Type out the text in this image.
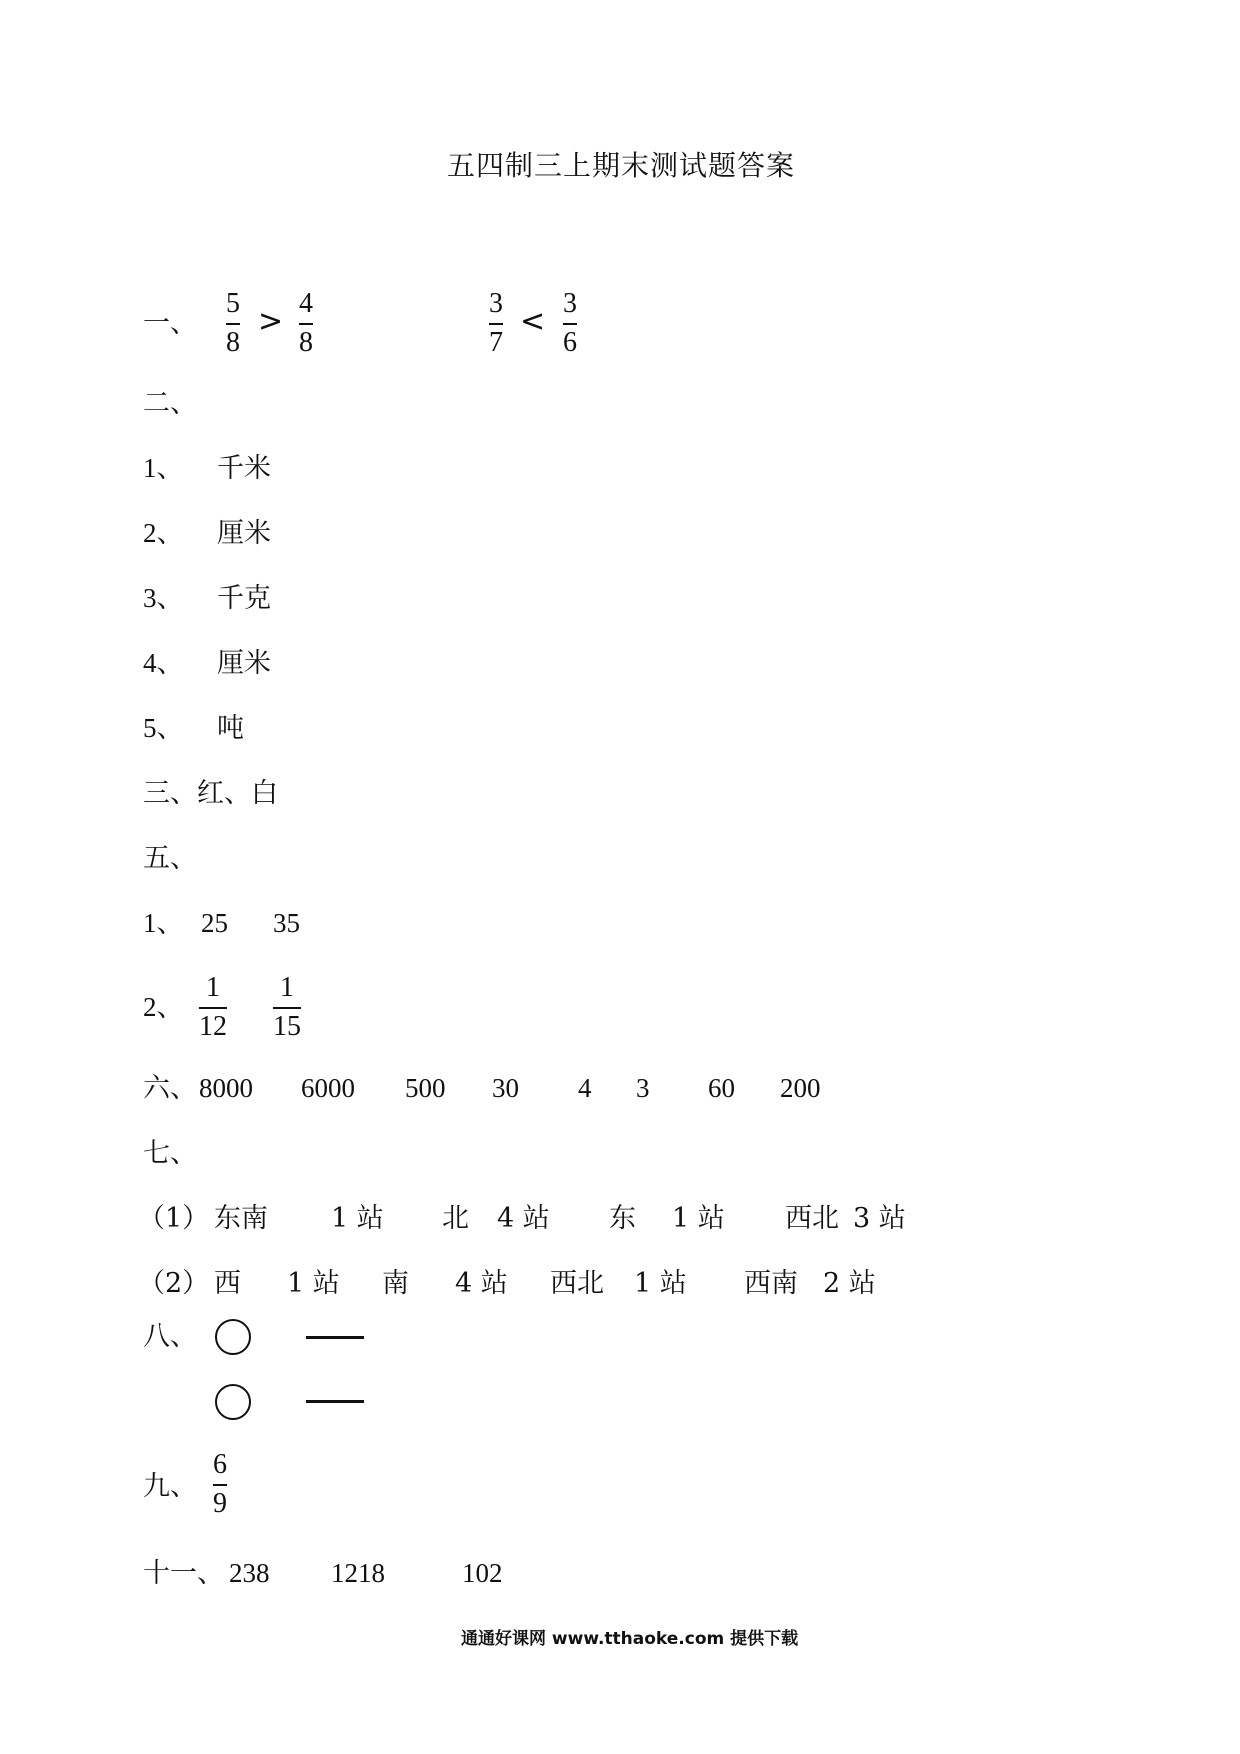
五四制三上期末测试题答案
一、
5
8
>
4
8
3
7
<
3
6
二、
1、 千米
2、 厘米
3、 千克
4、 厘米
5、 吨
三、红、白
五、
1、 25 35
2、
1
12
1
15
六、 8000 6000 500 30 4 3 60 200
七、
（1） 东南 1 站 北 4 站 东 1 站 西北 3 站
（2） 西 1 站 南 4 站 西北 1 站 西南 2 站
八、
九、
6
9
十一、 238 1218	102
通通好课网 www.tthaoke.com 提供下载
